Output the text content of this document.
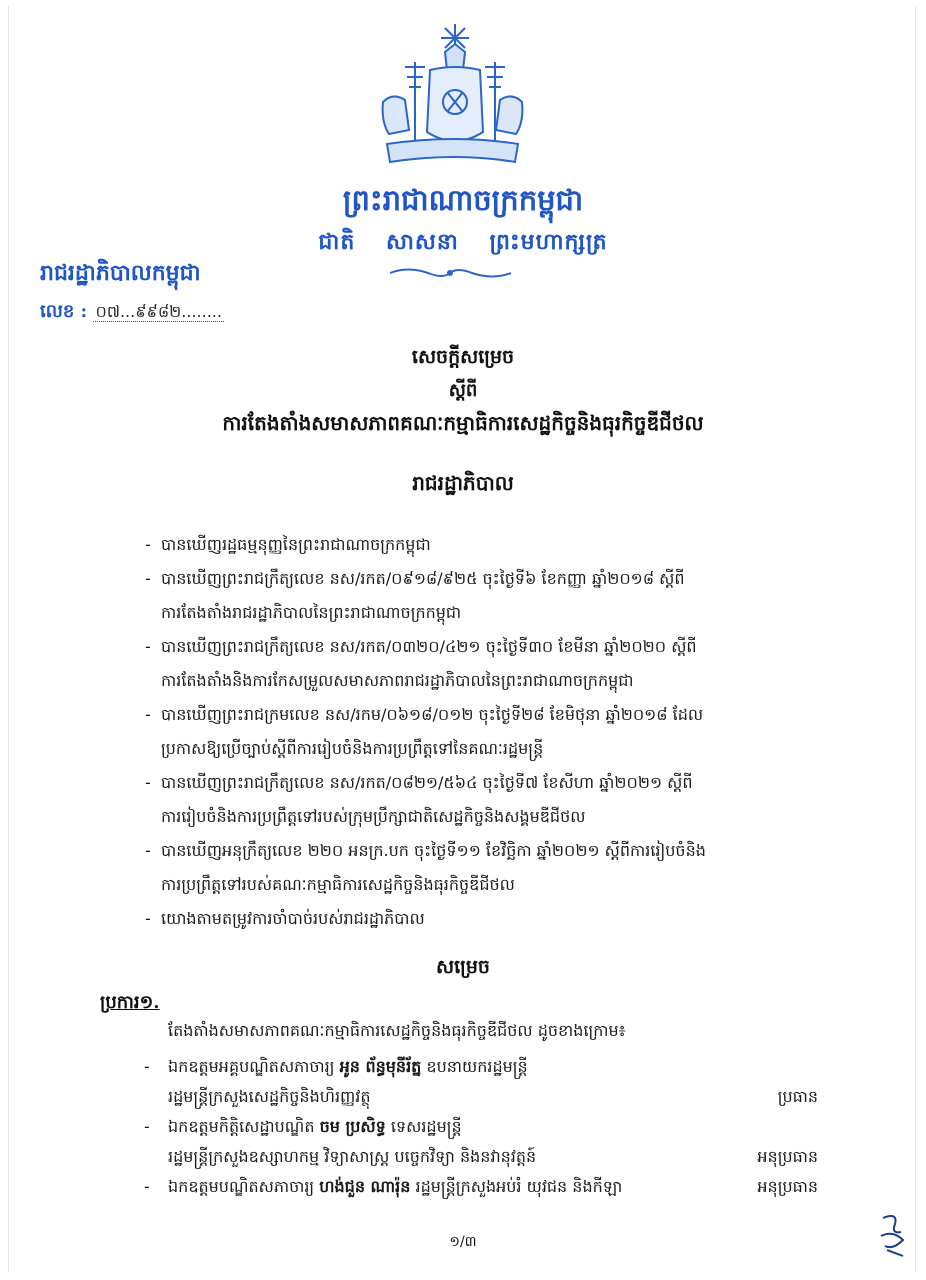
ព្រះរាជាណាចក្រកម្ពុជា
ជាតិ សាសនា ព្រះមហាក្សត្រ
រាជរដ្ឋាភិបាលកម្ពុជា
លេខ : ០៧...៩៩៨២........
សេចក្ដីសម្រេច
ស្ដីពី
ការតែងតាំងសមាសភាពគណៈកម្មាធិការសេដ្ឋកិច្ចនិងធុរកិច្ចឌីជីថល
រាជរដ្ឋាភិបាល
- បានឃើញរដ្ឋធម្មនុញ្ញនៃព្រះរាជាណាចក្រកម្ពុជា
- បានឃើញព្រះរាជក្រឹត្យលេខ នស/រកត/០៩១៨/៩២៥ ចុះថ្ងៃទី៦ ខែកញ្ញា ឆ្នាំ២០១៨ ស្ដីពី
ការតែងតាំងរាជរដ្ឋាភិបាលនៃព្រះរាជាណាចក្រកម្ពុជា
- បានឃើញព្រះរាជក្រឹត្យលេខ នស/រកត/០៣២០/៤២១ ចុះថ្ងៃទី៣០ ខែមីនា ឆ្នាំ២០២០ ស្ដីពី
ការតែងតាំងនិងការកែសម្រួលសមាសភាពរាជរដ្ឋាភិបាលនៃព្រះរាជាណាចក្រកម្ពុជា
- បានឃើញព្រះរាជក្រមលេខ នស/រកម/០៦១៨/០១២ ចុះថ្ងៃទី២៨ ខែមិថុនា ឆ្នាំ២០១៨ ដែល
ប្រកាសឱ្យប្រើច្បាប់ស្ដីពីការរៀបចំនិងការប្រព្រឹត្តទៅនៃគណៈរដ្ឋមន្ត្រី
- បានឃើញព្រះរាជក្រឹត្យលេខ នស/រកត/០៨២១/៥៦៤ ចុះថ្ងៃទី៧ ខែសីហា ឆ្នាំ២០២១ ស្ដីពី
ការរៀបចំនិងការប្រព្រឹត្តទៅរបស់ក្រុមប្រឹក្សាជាតិសេដ្ឋកិច្ចនិងសង្គមឌីជីថល
- បានឃើញអនុក្រឹត្យលេខ ២២០ អនក្រ.បក ចុះថ្ងៃទី១១ ខែវិច្ឆិកា ឆ្នាំ២០២១ ស្ដីពីការរៀបចំនិង
ការប្រព្រឹត្តទៅរបស់គណៈកម្មាធិការសេដ្ឋកិច្ចនិងធុរកិច្ចឌីជីថល
- យោងតាមតម្រូវការចាំបាច់របស់រាជរដ្ឋាភិបាល
សម្រេច
ប្រការ១.
តែងតាំងសមាសភាពគណៈកម្មាធិការសេដ្ឋកិច្ចនិងធុរកិច្ចឌីជីថល ដូចខាងក្រោម៖
- ឯកឧត្ដមអគ្គបណ្ឌិតសភាចារ្យ អូន ព័ន្ធមុនីរ័ត្ន ឧបនាយករដ្ឋមន្ត្រី
រដ្ឋមន្ត្រីក្រសួងសេដ្ឋកិច្ចនិងហិរញ្ញវត្ថុ	ប្រធាន
- ឯកឧត្ដមកិត្តិសេដ្ឋាបណ្ឌិត ចម ប្រសិទ្ធ ទេសរដ្ឋមន្ត្រី
រដ្ឋមន្ត្រីក្រសួងឧស្សាហកម្ម វិទ្យាសាស្ត្រ បច្ចេកវិទ្យា និងនវានុវត្តន៍	អនុប្រធាន
- ឯកឧត្ដមបណ្ឌិតសភាចារ្យ ហង់ជួន ណារ៉ុន រដ្ឋមន្ត្រីក្រសួងអប់រំ យុវជន និងកីឡា	អនុប្រធាន
១/៣
